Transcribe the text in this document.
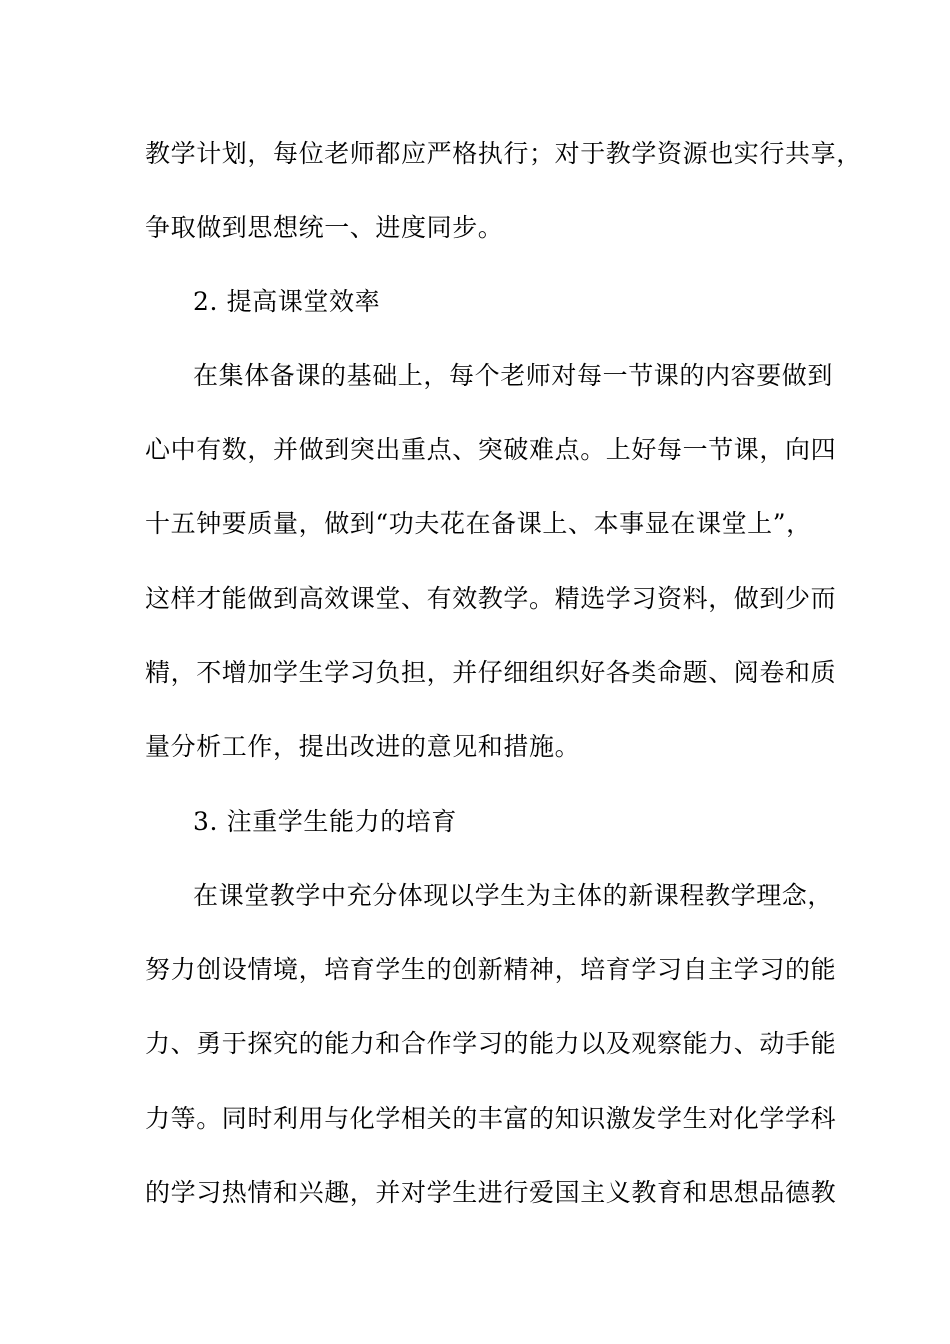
教学计划，每位老师都应严格执行；对于教学资源也实行共享，
争取做到思想统一、进度同步。
2. 提高课堂效率
在集体备课的基础上，每个老师对每一节课的内容要做到
心中有数，并做到突出重点、突破难点。上好每一节课，向四
十五钟要质量，做到“功夫花在备课上、本事显在课堂上”，
这样才能做到高效课堂、有效教学。精选学习资料，做到少而
精，不增加学生学习负担，并仔细组织好各类命题、阅卷和质
量分析工作，提出改进的意见和措施。
3. 注重学生能力的培育
在课堂教学中充分体现以学生为主体的新课程教学理念，
努力创设情境，培育学生的创新精神，培育学习自主学习的能
力、勇于探究的能力和合作学习的能力以及观察能力、动手能
力等。同时利用与化学相关的丰富的知识激发学生对化学学科
的学习热情和兴趣，并对学生进行爱国主义教育和思想品德教
